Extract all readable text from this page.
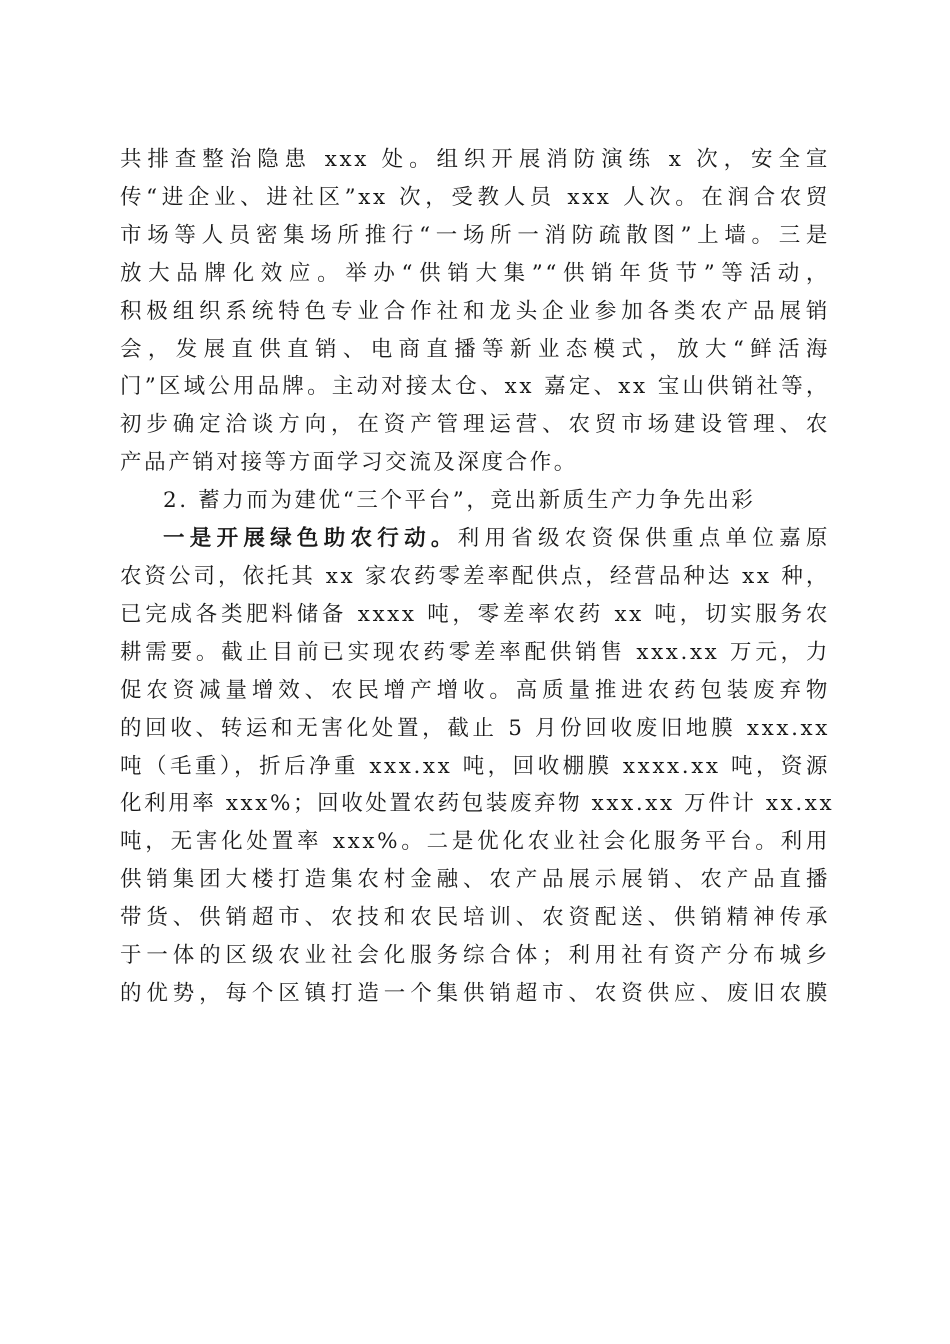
共排查整治隐患 xxx 处。组织开展消防演练 x 次，安全宣
传“进企业、进社区”xx 次，受教人员 xxx 人次。在润合农贸
市场等人员密集场所推行“一场所一消防疏散图”上墙。三是
放大品牌化效应。举办“供销大集”“供销年货节”等活动，
积极组织系统特色专业合作社和龙头企业参加各类农产品展销
会，发展直供直销、电商直播等新业态模式，放大“鲜活海
门”区域公用品牌。主动对接太仓、xx 嘉定、xx 宝山供销社等，
初步确定洽谈方向，在资产管理运营、农贸市场建设管理、农
产品产销对接等方面学习交流及深度合作。

2. 蓄力而为建优“三个平台”，竞出新质生产力争先出彩

一是开展绿色助农行动。利用省级农资保供重点单位嘉原
农资公司，依托其 xx 家农药零差率配供点，经营品种达 xx 种，
已完成各类肥料储备 xxxx 吨，零差率农药 xx 吨，切实服务农
耕需要。截止目前已实现农药零差率配供销售 xxx.xx 万元，力
促农资减量增效、农民增产增收。高质量推进农药包装废弃物
的回收、转运和无害化处置，截止 5 月份回收废旧地膜 xxx.xx
吨（毛重），折后净重 xxx.xx 吨，回收棚膜 xxxx.xx 吨，资源
化利用率 xxx%；回收处置农药包装废弃物 xxx.xx 万件计 xx.xx
吨，无害化处置率 xxx%。二是优化农业社会化服务平台。利用
供销集团大楼打造集农村金融、农产品展示展销、农产品直播
带货、供销超市、农技和农民培训、农资配送、供销精神传承
于一体的区级农业社会化服务综合体；利用社有资产分布城乡
的优势，每个区镇打造一个集供销超市、农资供应、废旧农膜
